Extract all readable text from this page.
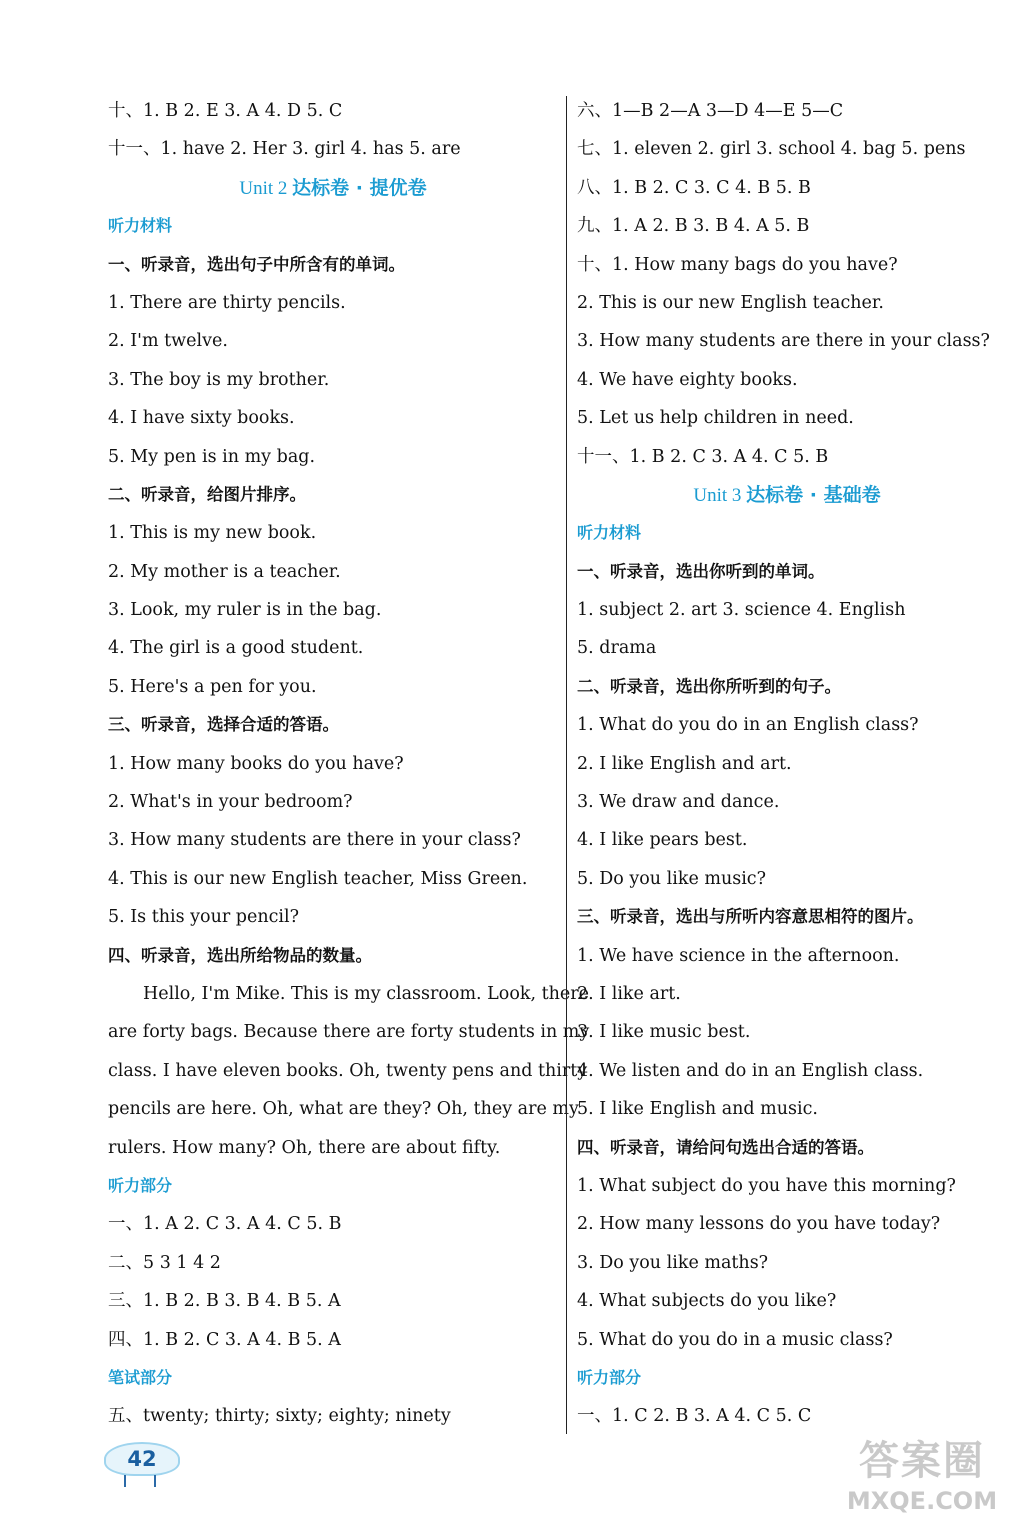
十、1. B 2. E 3. A 4. D 5. C
十一、1. have 2. Her 3. girl 4. has 5. are
Unit 2 达标卷 · 提优卷
听力材料
一、听录音，选出句子中所含有的单词。
1. There are thirty pencils.
2. I'm twelve.
3. The boy is my brother.
4. I have sixty books.
5. My pen is in my bag.
二、听录音，给图片排序。
1. This is my new book.
2. My mother is a teacher.
3. Look, my ruler is in the bag.
4. The girl is a good student.
5. Here's a pen for you.
三、听录音，选择合适的答语。
1. How many books do you have?
2. What's in your bedroom?
3. How many students are there in your class?
4. This is our new English teacher, Miss Green.
5. Is this your pencil?
四、听录音，选出所给物品的数量。
Hello, I'm Mike. This is my classroom. Look, there
are forty bags. Because there are forty students in my
class. I have eleven books. Oh, twenty pens and thirty
pencils are here. Oh, what are they? Oh, they are my
rulers. How many? Oh, there are about fifty.
听力部分
一、1. A 2. C 3. A 4. C 5. B
二、5 3 1 4 2
三、1. B 2. B 3. B 4. B 5. A
四、1. B 2. C 3. A 4. B 5. A
笔试部分
五、twenty; thirty; sixty; eighty; ninety
六、1—B 2—A 3—D 4—E 5—C
七、1. eleven 2. girl 3. school 4. bag 5. pens
八、1. B 2. C 3. C 4. B 5. B
九、1. A 2. B 3. B 4. A 5. B
十、1. How many bags do you have?
2. This is our new English teacher.
3. How many students are there in your class?
4. We have eighty books.
5. Let us help children in need.
十一、1. B 2. C 3. A 4. C 5. B
Unit 3 达标卷 · 基础卷
听力材料
一、听录音，选出你听到的单词。
1. subject 2. art 3. science 4. English
5. drama
二、听录音，选出你所听到的句子。
1. What do you do in an English class?
2. I like English and art.
3. We draw and dance.
4. I like pears best.
5. Do you like music?
三、听录音，选出与所听内容意思相符的图片。
1. We have science in the afternoon.
2. I like art.
3. I like music best.
4. We listen and do in an English class.
5. I like English and music.
四、听录音，请给问句选出合适的答语。
1. What subject do you have this morning?
2. How many lessons do you have today?
3. Do you like maths?
4. What subjects do you like?
5. What do you do in a music class?
听力部分
一、1. C 2. B 3. A 4. C 5. C
42	答案圈
MXQE.COM
